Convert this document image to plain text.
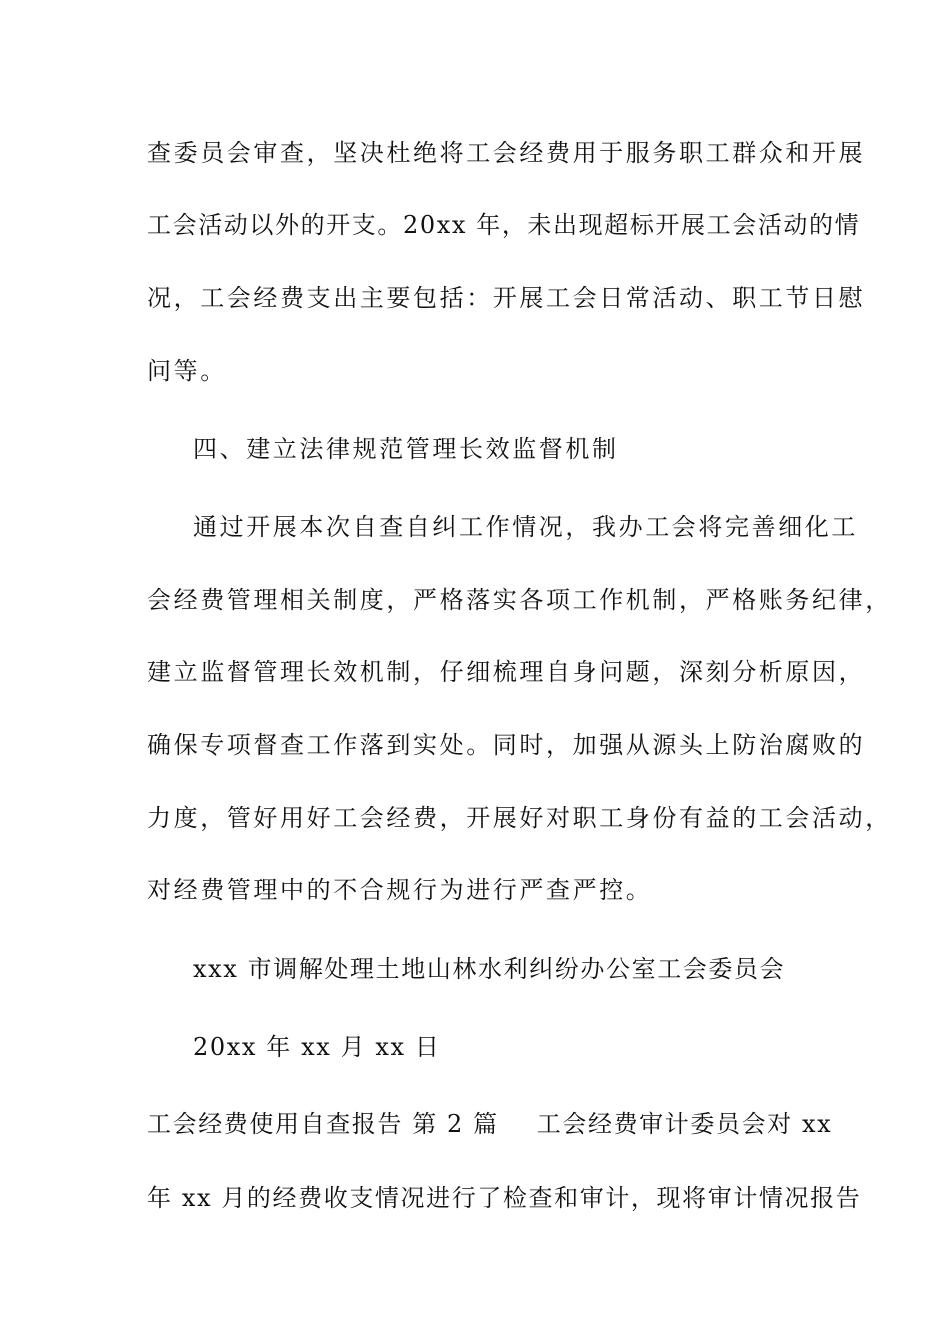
查委员会审查，坚决杜绝将工会经费用于服务职工群众和开展
工会活动以外的开支。20xx 年，未出现超标开展工会活动的情
况，工会经费支出主要包括：开展工会日常活动、职工节日慰
问等。
四、建立法律规范管理长效监督机制
通过开展本次自查自纠工作情况，我办工会将完善细化工
会经费管理相关制度，严格落实各项工作机制，严格账务纪律，
建立监督管理长效机制，仔细梳理自身问题，深刻分析原因，
确保专项督查工作落到实处。同时，加强从源头上防治腐败的
力度，管好用好工会经费，开展好对职工身份有益的工会活动，
对经费管理中的不合规行为进行严查严控。
xxx 市调解处理土地山林水利纠纷办公室工会委员会
20xx 年 xx 月 xx 日
工会经费使用自查报告 第 2 篇 工会经费审计委员会对 xx
年 xx 月的经费收支情况进行了检查和审计，现将审计情况报告
